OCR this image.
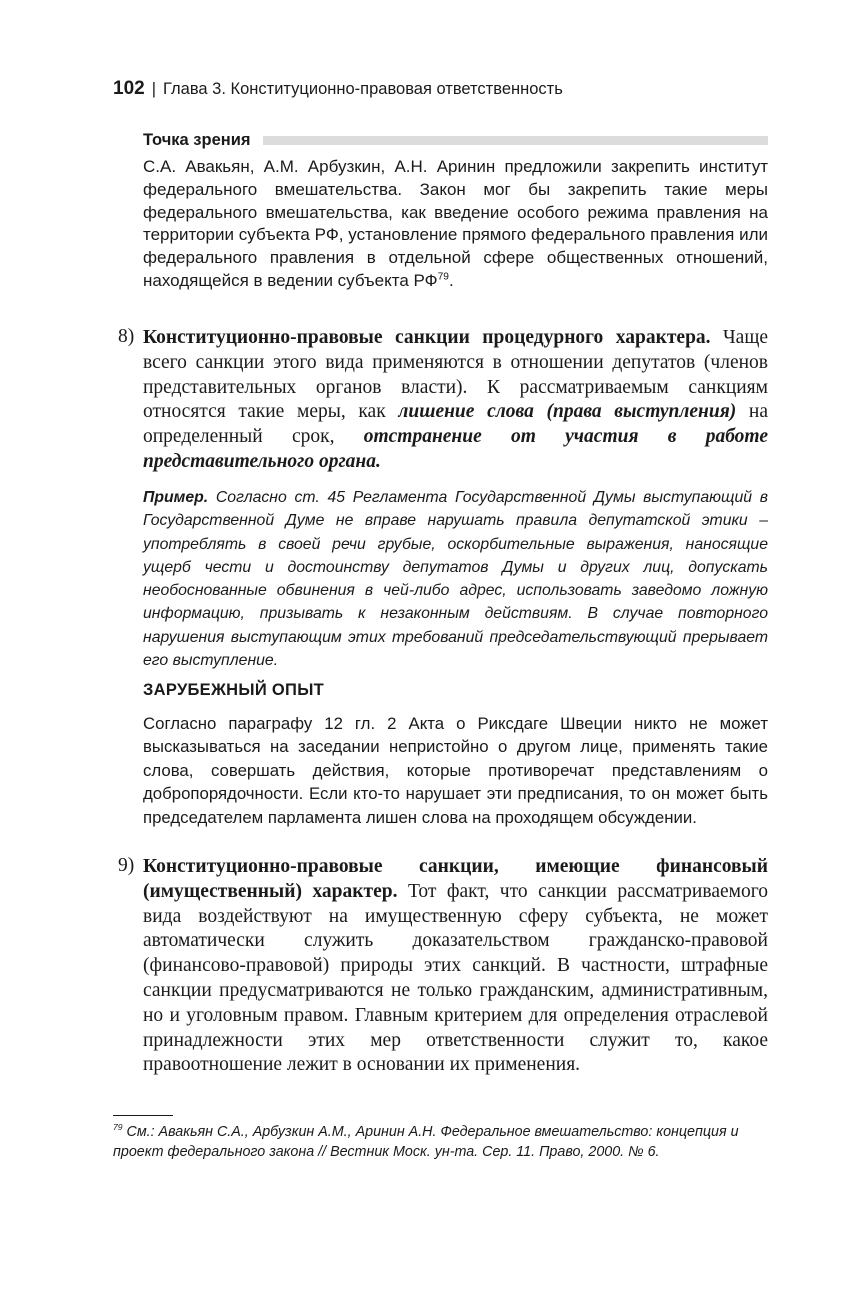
102 | Глава 3. Конституционно-правовая ответственность
Точка зрения
С.А. Авакьян, А.М. Арбузкин, А.Н. Аринин предложили закрепить институт федерального вмешательства. Закон мог бы закрепить такие меры федерального вмешательства, как введение особого режима правления на территории субъекта РФ, установление прямого федерального правления или федерального правления в отдельной сфере общественных отношений, находящейся в ведении субъекта РФ$^{79}$.
8) Конституционно-правовые санкции процедурного характера. Чаще всего санкции этого вида применяются в отношении депутатов (членов представительных органов власти). К рассматриваемым санкциям относятся такие меры, как лишение слова (права выступления) на определенный срок, отстранение от участия в работе представительного органа.
Пример. Согласно ст. 45 Регламента Государственной Думы выступающий в Государственной Думе не вправе нарушать правила депутатской этики – употреблять в своей речи грубые, оскорбительные выражения, наносящие ущерб чести и достоинству депутатов Думы и других лиц, допускать необоснованные обвинения в чей-либо адрес, использовать заведомо ложную информацию, призывать к незаконным действиям. В случае повторного нарушения выступающим этих требований председательствующий прерывает его выступление.
ЗАРУБЕЖНЫЙ ОПЫТ
Согласно параграфу 12 гл. 2 Акта о Риксдаге Швеции никто не может высказываться на заседании непристойно о другом лице, применять такие слова, совершать действия, которые противоречат представлениям о добропорядочности. Если кто-то нарушает эти предписания, то он может быть председателем парламента лишен слова на проходящем обсуждении.
9) Конституционно-правовые санкции, имеющие финансовый (имущественный) характер. Тот факт, что санкции рассматриваемого вида воздействуют на имущественную сферу субъекта, не может автоматически служить доказательством гражданско-правовой (финансово-правовой) природы этих санкций. В частности, штрафные санкции предусматриваются не только гражданским, административным, но и уголовным правом. Главным критерием для определения отраслевой принадлежности этих мер ответственности служит то, какое правоотношение лежит в основании их применения.
$^{79}$ См.: Авакьян С.А., Арбузкин А.М., Аринин А.Н. Федеральное вмешательство: концепция и проект федерального закона // Вестник Моск. ун-та. Сер. 11. Право, 2000. № 6.
